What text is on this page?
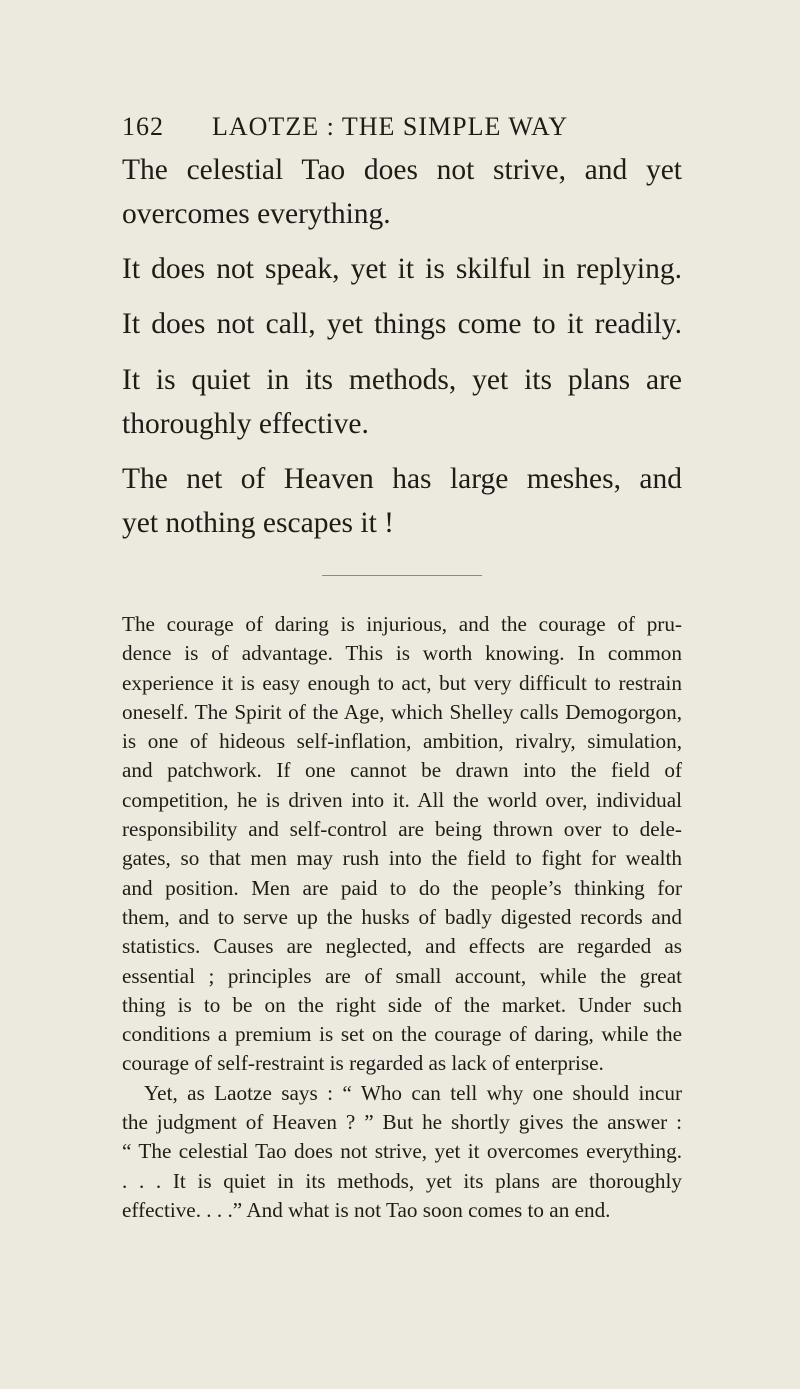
162 LAOTZE : THE SIMPLE WAY
The celestial Tao does not strive, and yet
overcomes everything.
It does not speak, yet it is skilful in replying.
It does not call, yet things come to it readily.
It is quiet in its methods, yet its plans are
thoroughly effective.
The net of Heaven has large meshes, and
yet nothing escapes it !
The courage of daring is injurious, and the courage of pru-
dence is of advantage. This is worth knowing. In common
experience it is easy enough to act, but very difficult to restrain
oneself. The Spirit of the Age, which Shelley calls Demogorgon,
is one of hideous self-inflation, ambition, rivalry, simulation,
and patchwork. If one cannot be drawn into the field of
competition, he is driven into it. All the world over, individual
responsibility and self-control are being thrown over to dele-
gates, so that men may rush into the field to fight for wealth
and position. Men are paid to do the people’s thinking for
them, and to serve up the husks of badly digested records and
statistics. Causes are neglected, and effects are regarded as
essential ; principles are of small account, while the great
thing is to be on the right side of the market. Under such
conditions a premium is set on the courage of daring, while the
courage of self-restraint is regarded as lack of enterprise.
Yet, as Laotze says : “ Who can tell why one should incur
the judgment of Heaven ? ” But he shortly gives the answer :
“ The celestial Tao does not strive, yet it overcomes everything.
. . . It is quiet in its methods, yet its plans are thoroughly
effective. . . .” And what is not Tao soon comes to an end.
